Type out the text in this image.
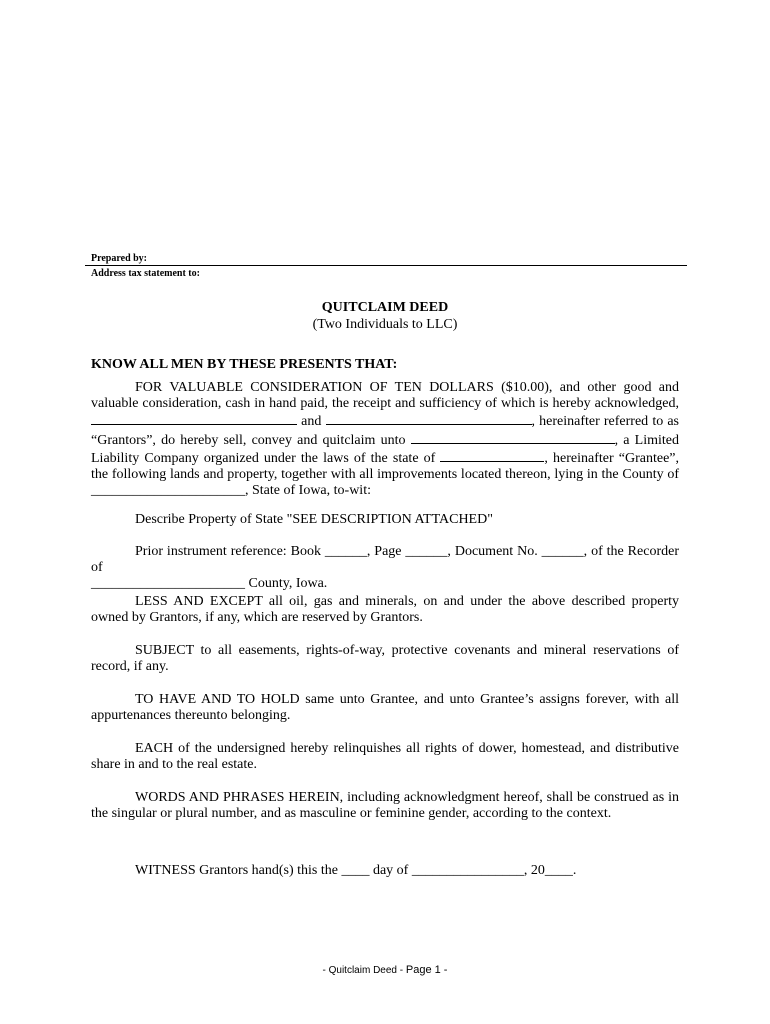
Prepared by:
Address tax statement to:
QUITCLAIM DEED
(Two Individuals to LLC)
KNOW ALL MEN BY THESE PRESENTS THAT:
FOR VALUABLE CONSIDERATION OF TEN DOLLARS ($10.00), and other good and valuable consideration, cash in hand paid, the receipt and sufficiency of which is hereby acknowledged,  and	, hereinafter referred to as “Grantors”, do hereby sell, convey and quitclaim unto	, a Limited Liability Company organized under the laws of the state of	, hereinafter “Grantee”, the following lands and property, together with all improvements located thereon, lying in the County of ______________________, State of Iowa, to-wit:
Describe Property of State "SEE DESCRIPTION ATTACHED"
Prior instrument reference: Book ______, Page ______, Document No. ______, of the Recorder of
______________________ County, Iowa.
LESS AND EXCEPT all oil, gas and minerals, on and under the above described property owned by Grantors, if any, which are reserved by Grantors.
SUBJECT to all easements, rights-of-way, protective covenants and mineral reservations of record, if any.
TO HAVE AND TO HOLD same unto Grantee, and unto Grantee’s assigns forever, with all appurtenances thereunto belonging.
EACH of the undersigned hereby relinquishes all rights of dower, homestead, and distributive share in and to the real estate.
WORDS AND PHRASES HEREIN, including acknowledgment hereof, shall be construed as in the singular or plural number, and as masculine or feminine gender, according to the context.
WITNESS Grantors hand(s) this the ____ day of ________________, 20____.
- Quitclaim Deed - Page 1 -
